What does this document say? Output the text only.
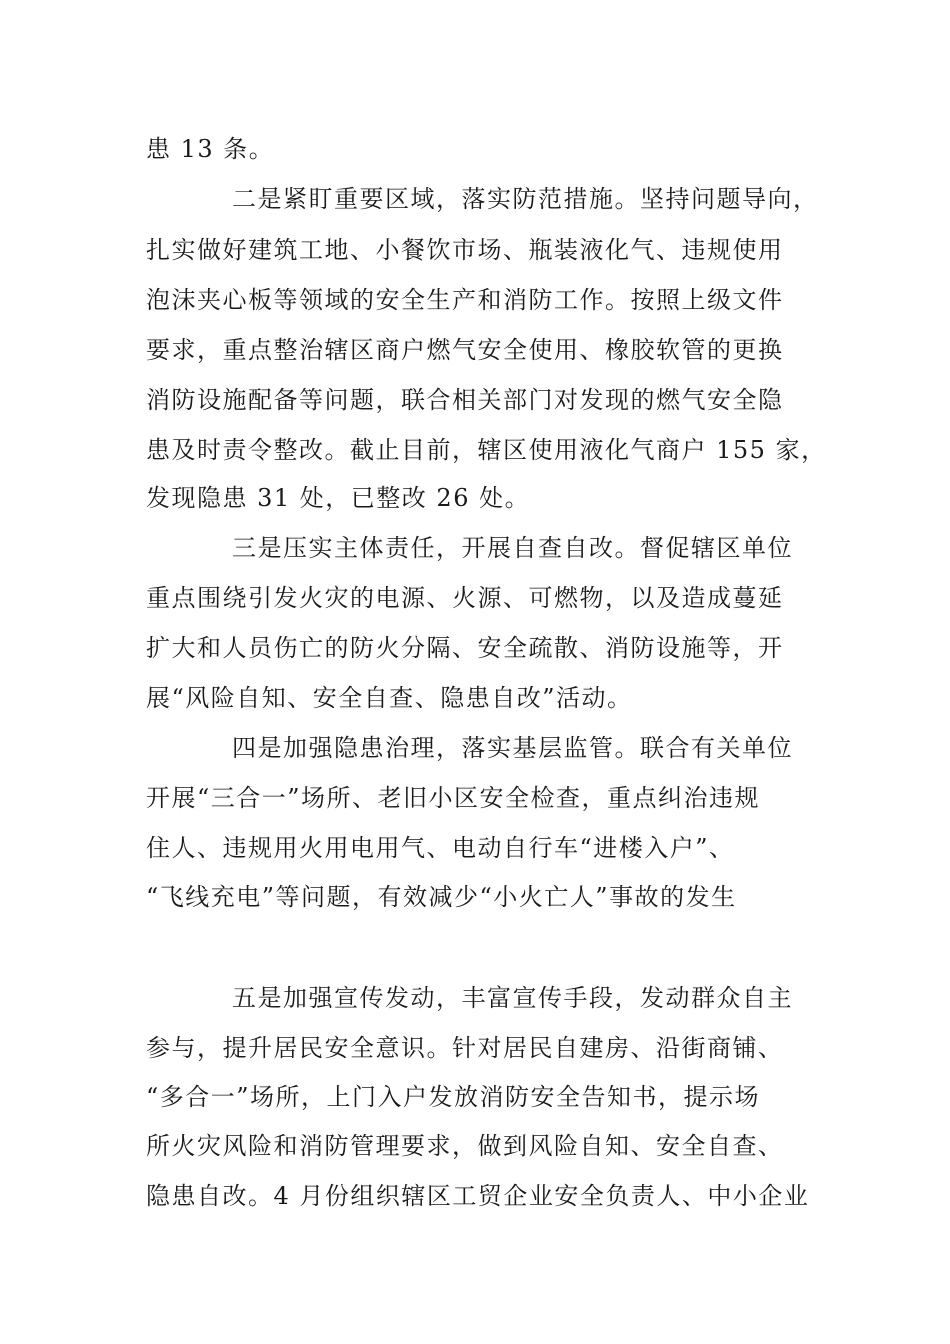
患 13 条。
二是紧盯重要区域，落实防范措施。坚持问题导向，
扎实做好建筑工地、小餐饮市场、瓶装液化气、违规使用
泡沫夹心板等领域的安全生产和消防工作。按照上级文件
要求，重点整治辖区商户燃气安全使用、橡胶软管的更换
消防设施配备等问题，联合相关部门对发现的燃气安全隐
患及时责令整改。截止目前，辖区使用液化气商户 155 家，
发现隐患 31 处，已整改 26 处。
三是压实主体责任，开展自查自改。督促辖区单位
重点围绕引发火灾的电源、火源、可燃物，以及造成蔓延
扩大和人员伤亡的防火分隔、安全疏散、消防设施等，开
展“风险自知、安全自查、隐患自改”活动。
四是加强隐患治理，落实基层监管。联合有关单位
开展“三合一”场所、老旧小区安全检查，重点纠治违规
住人、违规用火用电用气、电动自行车“进楼入户”、
“飞线充电”等问题，有效减少“小火亡人”事故的发生
五是加强宣传发动，丰富宣传手段，发动群众自主
参与，提升居民安全意识。针对居民自建房、沿街商铺、
“多合一”场所，上门入户发放消防安全告知书，提示场
所火灾风险和消防管理要求，做到风险自知、安全自查、
隐患自改。4 月份组织辖区工贸企业安全负责人、中小企业
